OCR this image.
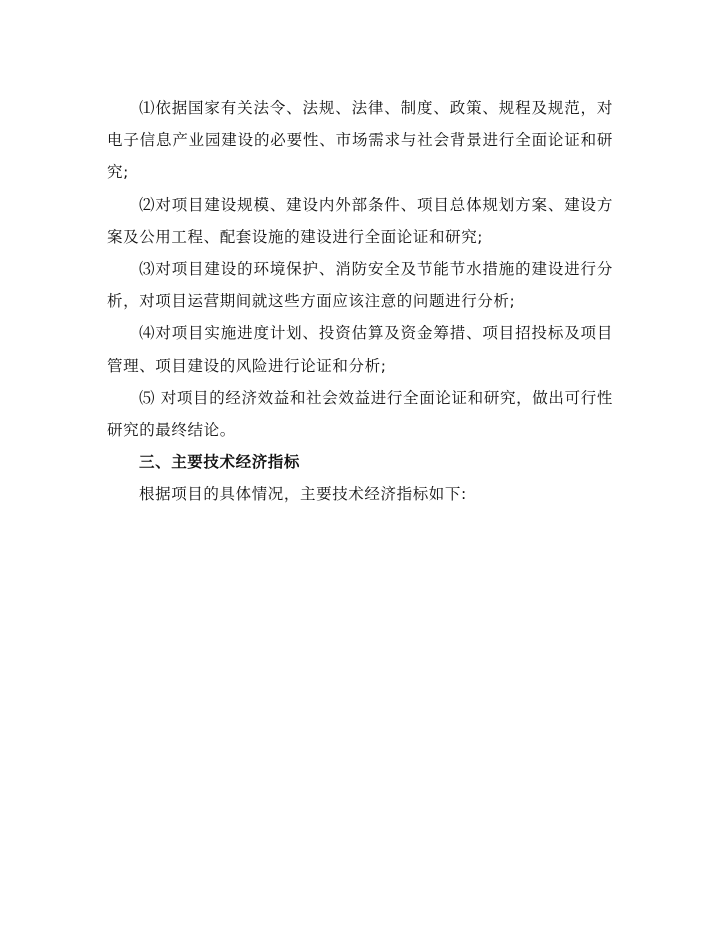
⑴依据国家有关法令、法规、法律、制度、政策、规程及规范，对电子信息产业园建设的必要性、市场需求与社会背景进行全面论证和研究;

⑵对项目建设规模、建设内外部条件、项目总体规划方案、建设方案及公用工程、配套设施的建设进行全面论证和研究;

⑶对项目建设的环境保护、消防安全及节能节水措施的建设进行分析，对项目运营期间就这些方面应该注意的问题进行分析;

⑷对项目实施进度计划、投资估算及资金筹措、项目招投标及项目管理、项目建设的风险进行论证和分析;

⑸ 对项目的经济效益和社会效益进行全面论证和研究，做出可行性研究的最终结论。

三、主要技术经济指标

根据项目的具体情况，主要技术经济指标如下:
